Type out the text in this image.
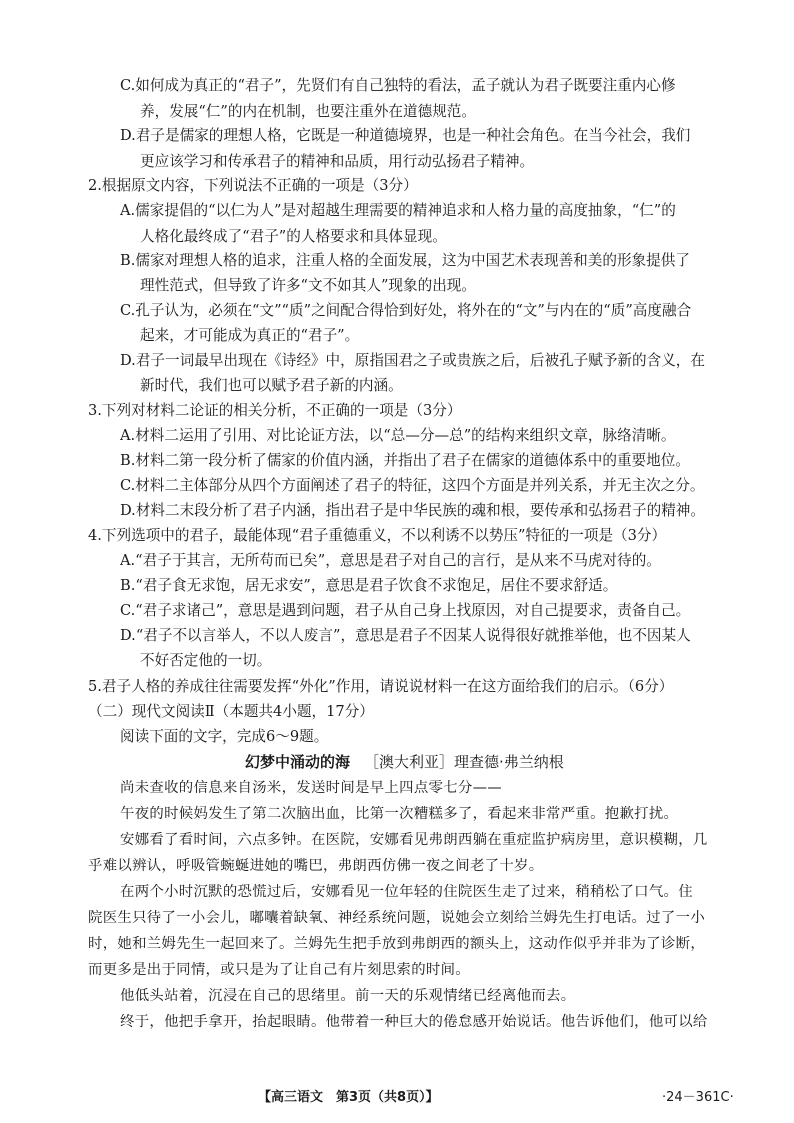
C.如何成为真正的“君子”，先贤们有自己独特的看法，孟子就认为君子既要注重内心修
养，发展“仁”的内在机制，也要注重外在道德规范。
D.君子是儒家的理想人格，它既是一种道德境界，也是一种社会角色。在当今社会，我们
更应该学习和传承君子的精神和品质，用行动弘扬君子精神。
2.根据原文内容，下列说法不正确的一项是（3分）
A.儒家提倡的“以仁为人”是对超越生理需要的精神追求和人格力量的高度抽象，“仁”的
人格化最终成了“君子”的人格要求和具体显现。
B.儒家对理想人格的追求，注重人格的全面发展，这为中国艺术表现善和美的形象提供了
理性范式，但导致了许多“文不如其人”现象的出现。
C.孔子认为，必须在“文”“质”之间配合得恰到好处，将外在的“文”与内在的“质”高度融合
起来，才可能成为真正的“君子”。
D.君子一词最早出现在《诗经》中，原指国君之子或贵族之后，后被孔子赋予新的含义，在
新时代，我们也可以赋予君子新的内涵。
3.下列对材料二论证的相关分析，不正确的一项是（3分）
A.材料二运用了引用、对比论证方法，以“总—分—总”的结构来组织文章，脉络清晰。
B.材料二第一段分析了儒家的价值内涵，并指出了君子在儒家的道德体系中的重要地位。
C.材料二主体部分从四个方面阐述了君子的特征，这四个方面是并列关系，并无主次之分。
D.材料二末段分析了君子内涵，指出君子是中华民族的魂和根，要传承和弘扬君子的精神。
4.下列选项中的君子，最能体现“君子重德重义，不以利诱不以势压”特征的一项是（3分）
A.“君子于其言，无所苟而已矣”，意思是君子对自己的言行，是从来不马虎对待的。
B.“君子食无求饱，居无求安”，意思是君子饮食不求饱足，居住不要求舒适。
C.“君子求诸己”，意思是遇到问题，君子从自己身上找原因，对自己提要求，责备自己。
D.“君子不以言举人，不以人废言”，意思是君子不因某人说得很好就推举他，也不因某人
不好否定他的一切。
5.君子人格的养成往往需要发挥“外化”作用，请说说材料一在这方面给我们的启示。（6分）
（二）现代文阅读Ⅱ（本题共4小题，17分）
阅读下面的文字，完成6～9题。
幻梦中涌动的海 ［澳大利亚］理查德·弗兰纳根
尚未查收的信息来自汤米，发送时间是早上四点零七分——
午夜的时候妈发生了第二次脑出血，比第一次糟糕多了，看起来非常严重。抱歉打扰。
安娜看了看时间，六点多钟。在医院，安娜看见弗朗西躺在重症监护病房里，意识模糊，几
乎难以辨认，呼吸管蜿蜒进她的嘴巴，弗朗西仿佛一夜之间老了十岁。
在两个小时沉默的恐慌过后，安娜看见一位年轻的住院医生走了过来，稍稍松了口气。住
院医生只待了一小会儿，嘟囔着缺氧、神经系统问题，说她会立刻给兰姆先生打电话。过了一小
时，她和兰姆先生一起回来了。兰姆先生把手放到弗朗西的额头上，这动作似乎并非为了诊断，
而更多是出于同情，或只是为了让自己有片刻思索的时间。
他低头站着，沉浸在自己的思绪里。前一天的乐观情绪已经离他而去。
终于，他把手拿开，抬起眼睛。他带着一种巨大的倦怠感开始说话。他告诉他们，他可以给
【高三语文　第3页（共8页）】	·24－361C·
